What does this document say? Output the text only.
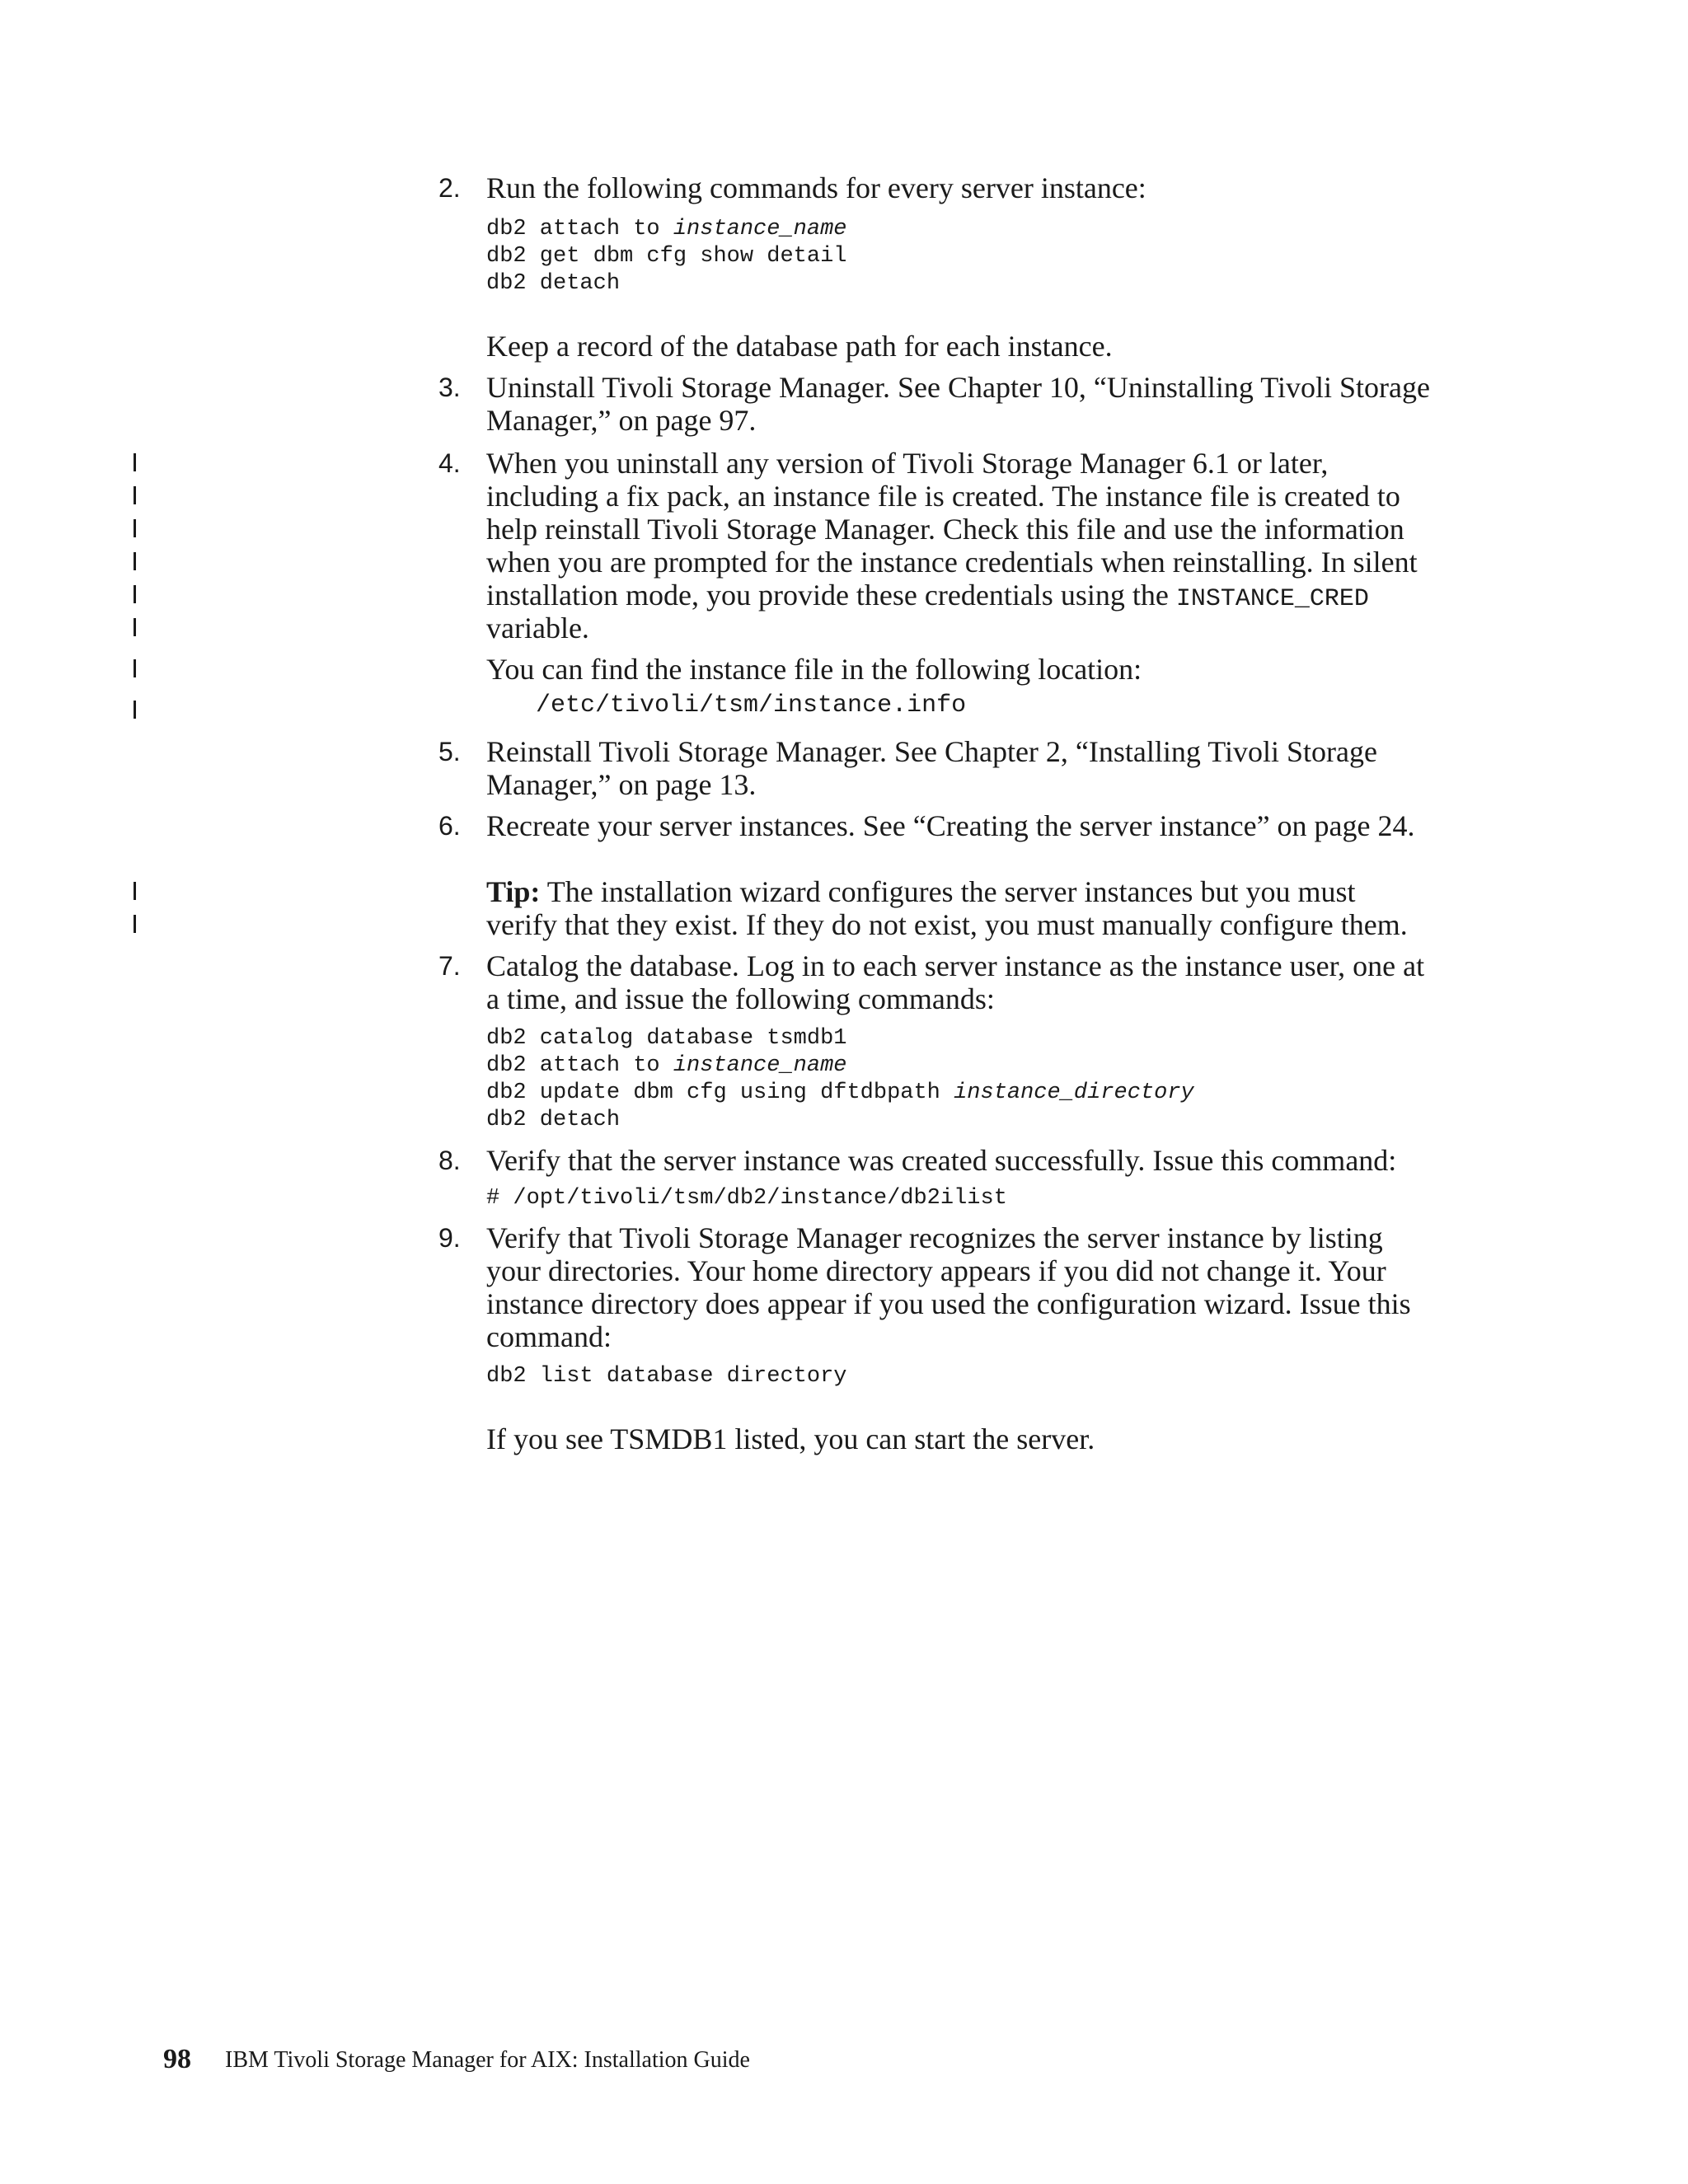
2. Run the following commands for every server instance:
db2 attach to instance_name
db2 get dbm cfg show detail
db2 detach
Keep a record of the database path for each instance.
3. Uninstall Tivoli Storage Manager. See Chapter 10, “Uninstalling Tivoli Storage
Manager,” on page 97.
4. When you uninstall any version of Tivoli Storage Manager 6.1 or later,
including a fix pack, an instance file is created. The instance file is created to
help reinstall Tivoli Storage Manager. Check this file and use the information
when you are prompted for the instance credentials when reinstalling. In silent
installation mode, you provide these credentials using the INSTANCE_CRED
variable.
You can find the instance file in the following location:
/etc/tivoli/tsm/instance.info
5. Reinstall Tivoli Storage Manager. See Chapter 2, “Installing Tivoli Storage
Manager,” on page 13.
6. Recreate your server instances. See “Creating the server instance” on page 24.
Tip: The installation wizard configures the server instances but you must
verify that they exist. If they do not exist, you must manually configure them.
7. Catalog the database. Log in to each server instance as the instance user, one at
a time, and issue the following commands:
db2 catalog database tsmdb1
db2 attach to instance_name
db2 update dbm cfg using dftdbpath instance_directory
db2 detach
8. Verify that the server instance was created successfully. Issue this command:
# /opt/tivoli/tsm/db2/instance/db2ilist
9. Verify that Tivoli Storage Manager recognizes the server instance by listing
your directories. Your home directory appears if you did not change it. Your
instance directory does appear if you used the configuration wizard. Issue this
command:
db2 list database directory
If you see TSMDB1 listed, you can start the server.
98 IBM Tivoli Storage Manager for AIX: Installation Guide
